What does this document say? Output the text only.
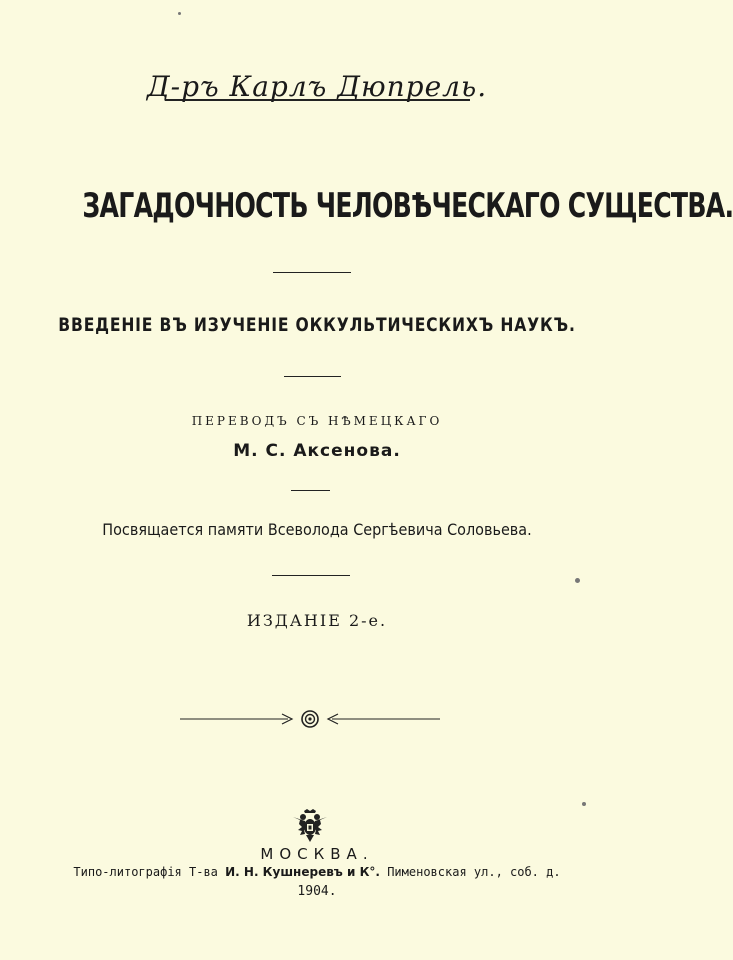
Д-ръ Карлъ Дюпрель.
ЗАГАДОЧНОСТЬ ЧЕЛОВѢЧЕСКАГО СУЩЕСТВА.
ВВЕДЕНІЕ ВЪ ИЗУЧЕНІЕ ОККУЛЬТИЧЕСКИХЪ НАУКЪ.
ПЕРЕВОДЪ СЪ НѢМЕЦКАГО
М. С. Аксенова.
Посвящается памяти Всеволода Сергѣевича Соловьева.
ИЗДАНІЕ 2-е.
МОСКВА.
Типо-литографія Т-ва И. Н. Кушнеревъ и К°. Пименовская ул., соб. д.
1904.
